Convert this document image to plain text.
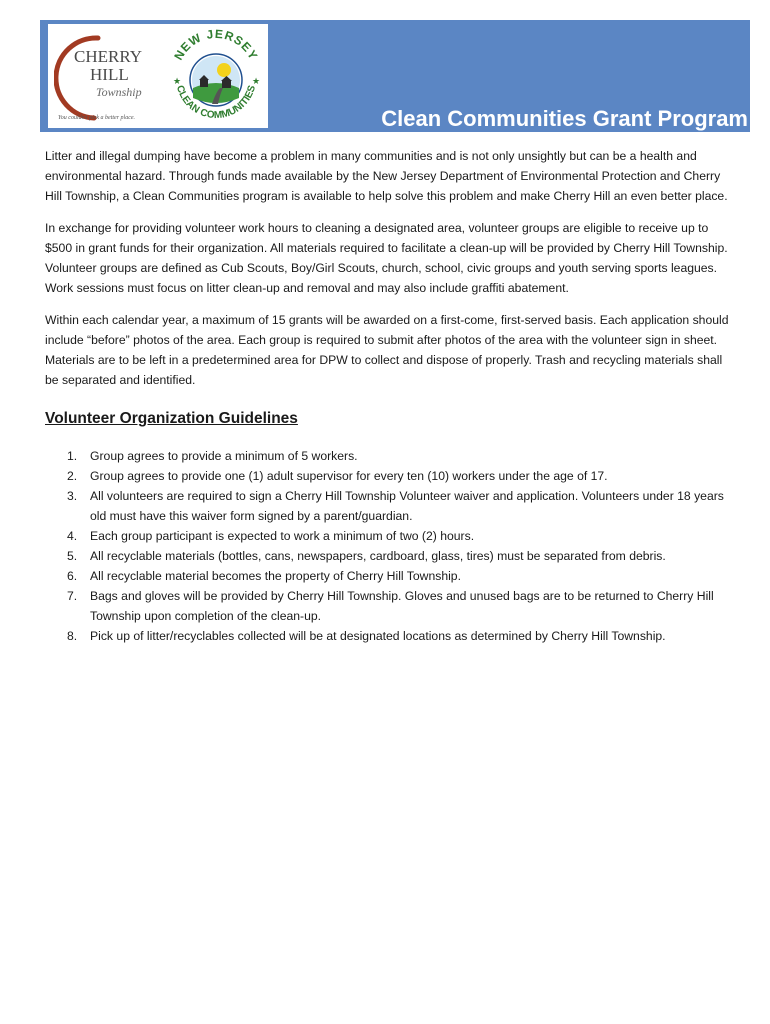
CHERRY
HILL
Township
You couldn't pick a better place.
NEW JERSEY
CLEAN COMMUNITIES
★	★
Clean Communities Grant Program

Litter and illegal dumping have become a problem in many communities and is not only unsightly but can be a health and environmental hazard. Through funds made available by the New Jersey Department of Environmental Protection and Cherry Hill Township, a Clean Communities program is available to help solve this problem and make Cherry Hill an even better place.

In exchange for providing volunteer work hours to cleaning a designated area, volunteer groups are eligible to receive up to $500 in grant funds for their organization. All materials required to facilitate a clean-up will be provided by Cherry Hill Township. Volunteer groups are defined as Cub Scouts, Boy/Girl Scouts, church, school, civic groups and youth serving sports leagues. Work sessions must focus on litter clean-up and removal and may also include graffiti abatement.

Within each calendar year, a maximum of 15 grants will be awarded on a first-come, first-served basis. Each application should include “before” photos of the area. Each group is required to submit after photos of the area with the volunteer sign in sheet. Materials are to be left in a predetermined area for DPW to collect and dispose of properly. Trash and recycling materials shall be separated and identified.

Volunteer Organization Guidelines
1. Group agrees to provide a minimum of 5 workers.
2. Group agrees to provide one (1) adult supervisor for every ten (10) workers under the age of 17.
3. All volunteers are required to sign a Cherry Hill Township Volunteer waiver and application. Volunteers under 18 years old must have this waiver form signed by a parent/guardian.
4. Each group participant is expected to work a minimum of two (2) hours.
5. All recyclable materials (bottles, cans, newspapers, cardboard, glass, tires) must be separated from debris.
6. All recyclable material becomes the property of Cherry Hill Township.
7. Bags and gloves will be provided by Cherry Hill Township. Gloves and unused bags are to be returned to Cherry Hill Township upon completion of the clean-up.
8. Pick up of litter/recyclables collected will be at designated locations as determined by Cherry Hill Township.
